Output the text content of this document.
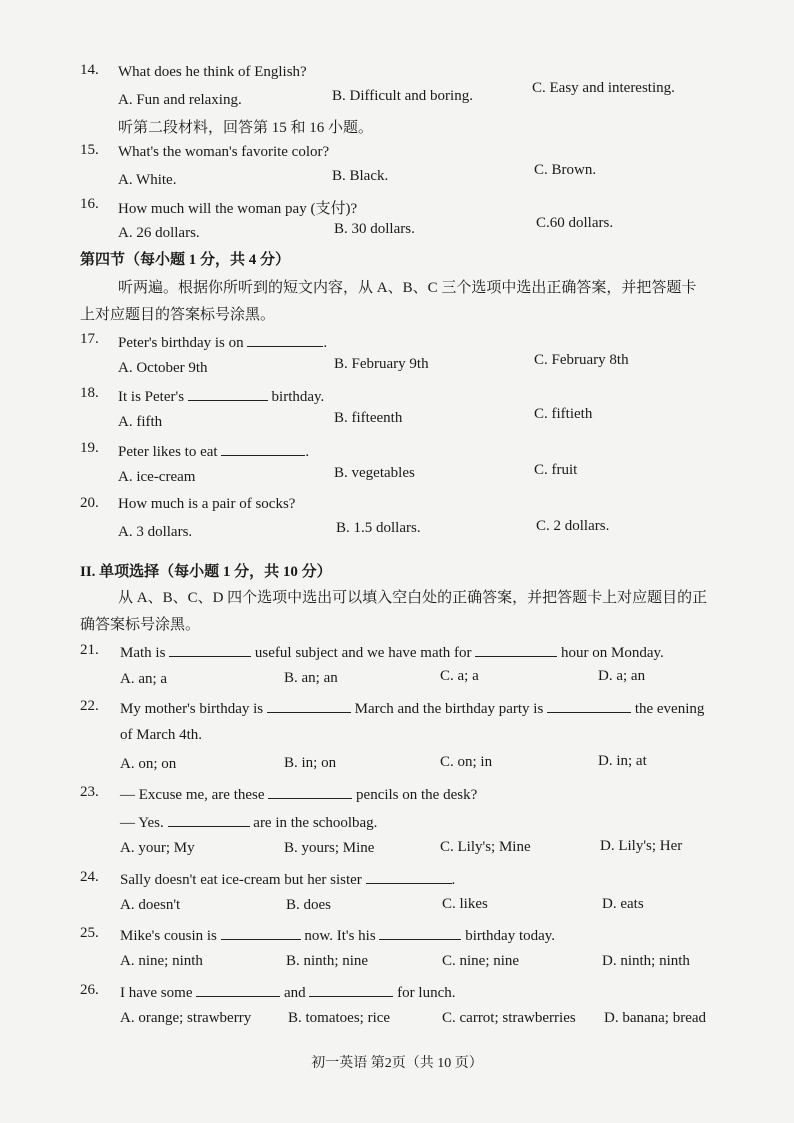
14. What does he think of English?
A. Fun and relaxing.	B. Difficult and boring.	C. Easy and interesting.
听第二段材料，回答第 15 和 16 小题。
15. What's the woman's favorite color?
A. White.	B. Black.	C. Brown.
16. How much will the woman pay (支付)?
A. 26 dollars.	B. 30 dollars.	C.60 dollars.
第四节（每小题 1 分，共 4 分）
听两遍。根据你所听到的短文内容，从 A、B、C 三个选项中选出正确答案，并把答题卡
上对应题目的答案标号涂黑。
17. Peter's birthday is on	.
A. October 9th	B. February 9th	C. February 8th
18. It is Peter's	birthday.
A. fifth	B. fifteenth	C. fiftieth
19. Peter likes to eat	.
A. ice-cream	B. vegetables	C. fruit
20. How much is a pair of socks?
A. 3 dollars.	B. 1.5 dollars.	C. 2 dollars.
II. 单项选择（每小题 1 分，共 10 分）
从 A、B、C、D 四个选项中选出可以填入空白处的正确答案，并把答题卡上对应题目的正
确答案标号涂黑。
21. Math is	useful subject and we have math for	hour on Monday.
A. an; a	B. an; an	C. a; a	D. a; an
22. My mother's birthday is	March and the birthday party is	the evening
of March 4th.
A. on; on	B. in; on	C. on; in	D. in; at
23. — Excuse me, are these	pencils on the desk?
— Yes.	are in the schoolbag.
A. your; My	B. yours; Mine	C. Lily's; Mine	D. Lily's; Her
24. Sally doesn't eat ice-cream but her sister	.
A. doesn't	B. does	C. likes	D. eats
25. Mike's cousin is	now. It's his	birthday today.
A. nine; ninth	B. ninth; nine	C. nine; nine	D. ninth; ninth
26. I have some	and	for lunch.
A. orange; strawberry B. tomatoes; rice	C. carrot; strawberries D. banana; bread
初一英语 第2页（共 10 页）
